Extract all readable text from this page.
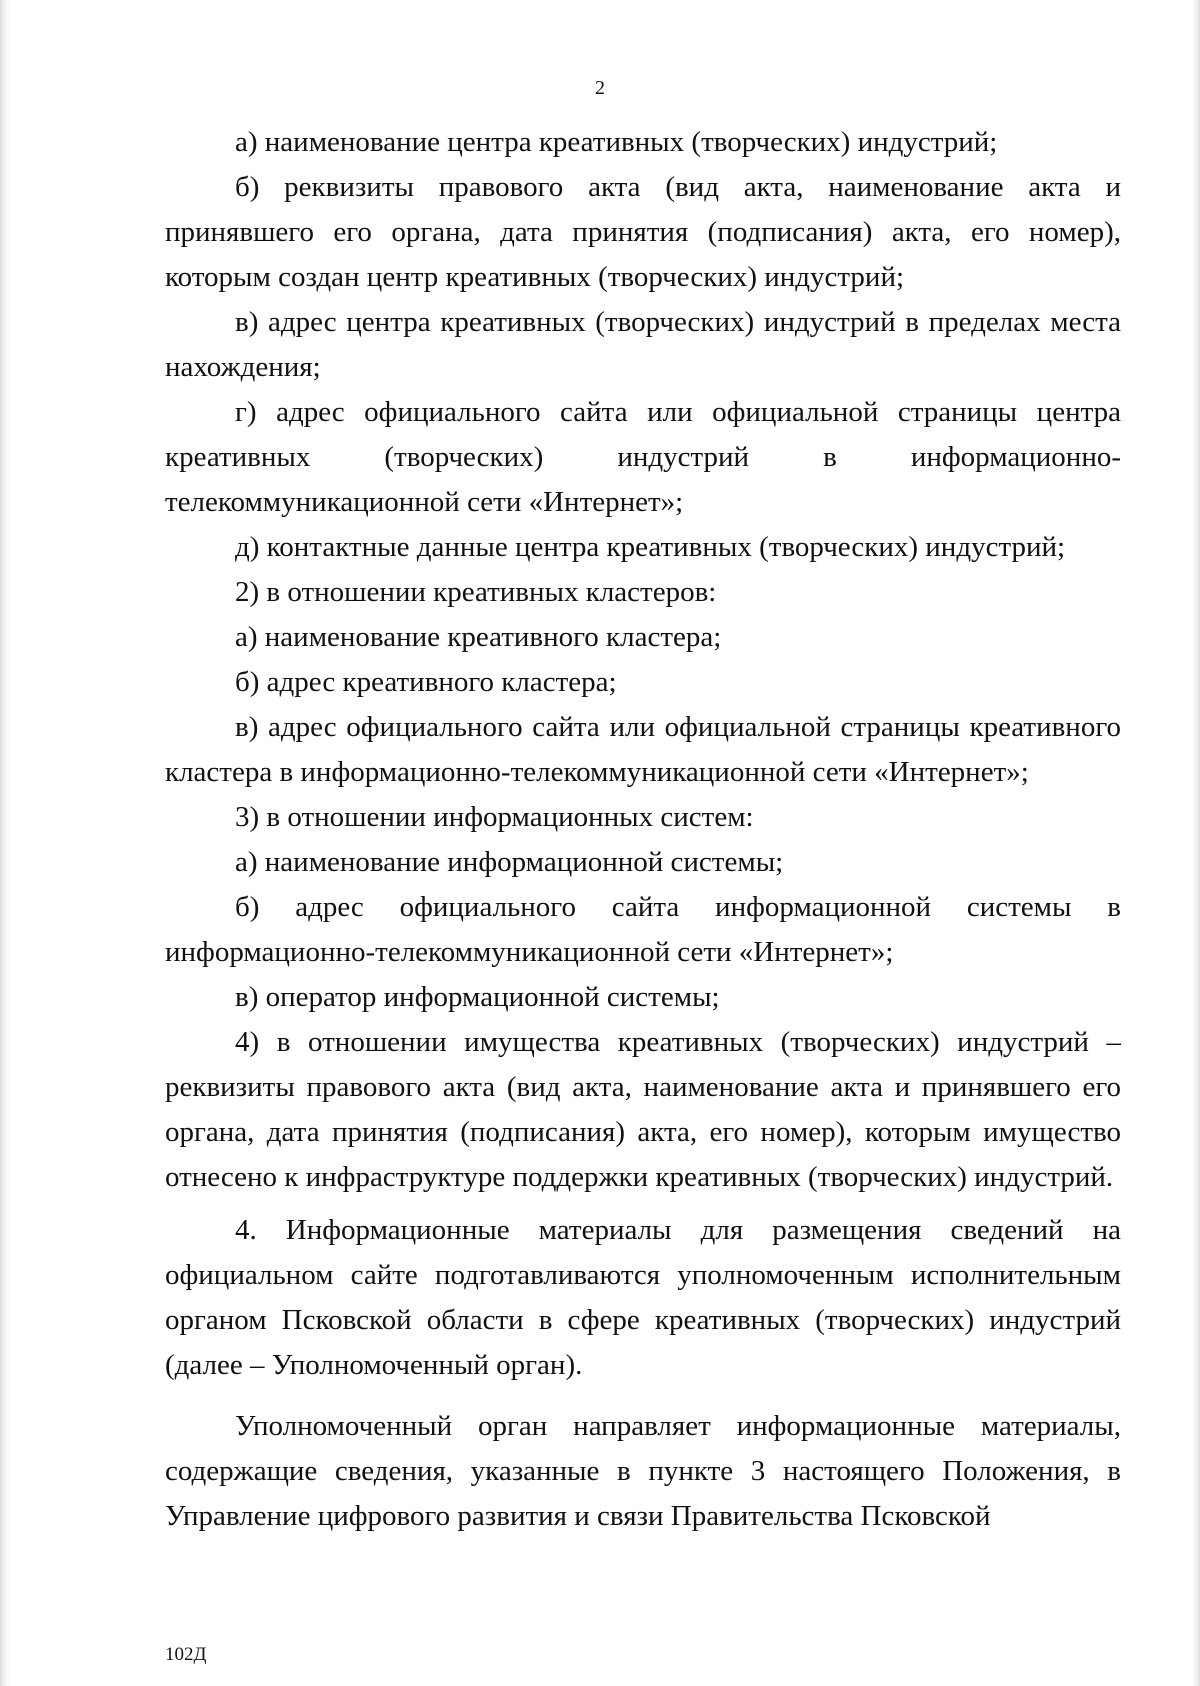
2

а) наименование центра креативных (творческих) индустрий;

б) реквизиты правового акта (вид акта, наименование акта и принявшего его органа, дата принятия (подписания) акта, его номер), которым создан центр креативных (творческих) индустрий;

в) адрес центра креативных (творческих) индустрий в пределах места нахождения;

г) адрес официального сайта или официальной страницы центра креативных (творческих) индустрий в информационно-телекоммуникационной сети «Интернет»;

д) контактные данные центра креативных (творческих) индустрий;

2) в отношении креативных кластеров:

а) наименование креативного кластера;

б) адрес креативного кластера;

в) адрес официального сайта или официальной страницы креативного кластера в информационно-телекоммуникационной сети «Интернет»;

3) в отношении информационных систем:

а) наименование информационной системы;

б) адрес официального сайта информационной системы в информационно-телекоммуникационной сети «Интернет»;

в) оператор информационной системы;

4) в отношении имущества креативных (творческих) индустрий – реквизиты правового акта (вид акта, наименование акта и принявшего его органа, дата принятия (подписания) акта, его номер), которым имущество отнесено к инфраструктуре поддержки креативных (творческих) индустрий.

4. Информационные материалы для размещения сведений на официальном сайте подготавливаются уполномоченным исполнительным органом Псковской области в сфере креативных (творческих) индустрий (далее – Уполномоченный орган).

Уполномоченный орган направляет информационные материалы, содержащие сведения, указанные в пункте 3 настоящего Положения, в Управление цифрового развития и связи Правительства Псковской

102Д
